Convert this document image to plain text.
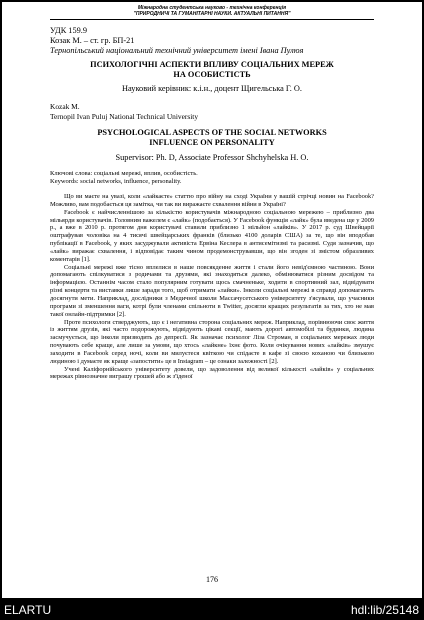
Міжнародна студентська науково - технічна конференція
"ПРИРОДНИЧІ ТА ГУМАНІТАРНІ НАУКИ. АКТУАЛЬНІ ПИТАННЯ"
УДК 159.9
Козак М. – ст. гр. БП-21
Тернопільський національний технічний університет імені Івана Пулюя
ПСИХОЛОГІЧНІ АСПЕКТИ ВПЛИВУ СОЦІАЛЬНИХ МЕРЕЖ
НА ОСОБИСТІСТЬ
Науковий керівник: к.і.н., доцент Щигельська Г. О.
Kozak M.
Ternopil Ivan Puluj National Technical University
PSYCHOLOGICAL ASPECTS OF THE SOCIAL NETWORKS
INFLUENCE ON PERSONALITY
Supervisor: Ph. D, Associate Professor Shchyhelska H. O.
Ключові слова: соціальні мережі, вплив, особистість.
Keywords: social networks, influence, personality.

Що ви маєте на увазі, коли «лайкаєте» статтю про війну на сході України у вашій стрічці новин на Facebook? Можливо, вам подобається ця замітка, чи так ви виражаєте схвалення війни в Україні?

Facebook є найчисленнішою за кількістю користувачів міжнародною соціальною мережею – приблизно два мільярди користувачів. Головним важелем є «лайк» (подобається). У Facebook функція «лайк» була введена ще у 2009 р., а вже в 2010 р. протягом дня користувачі ставили приблизно 1 мільйон «лайків». У 2017 р. суд Швейцарії оштрафував чоловіка на 4 тисячі швейцарських франків (близько 4100 доларів США) за те, що він вподобав публікації в Facebook, у яких засуджували активіста Ервіна Кеслера в антисемітизмі та расизмі. Судя зазначив, що «лайк» виражає схвалення, і відповідає таким чином продемонструвавши, що він згоден зі змістом образливих коментарів [1].

Соціальні мережі вже тісно вплелися в наше повсякденне життя і стали його невід'ємною частиною. Вони допомагають спілкуватися з родичами та друзями, які знаходяться далеко, обмінюватися різним досвідом та інформацією. Останнім часом стало популярним готувати щось смачненьке, ходити в спортивний зал, відвідувати різні концерти та виставки лише заради того, щоб отримати «лайки». Інколи соціальні мережі в справді допомагають досягнути мети. Наприклад, дослідники з Медичної школи Массачусетського університету з'ясували, що учасники програми зі зменшення ваги, котрі були членами спільноти в Twitter, досягли кращих результатів за тих, хто не мав такої онлайн-підтримки [2].

Проте психологи стверджують, що є і негативна сторона соціальних мереж. Наприклад, порівнюючи своє життя із життям друзів, які часто подорожують, відвідують цікаві секції, мають дорогі автомобілі та будинки, людина засмучується, що інколи призводить до депресії. Як зазначає психолог Ліза Строман, в соціальних мережах люди почувають себе краще, але лише за умови, що хтось «лайкне» їхнє фото. Коли очікування нових «лайків» змушує заходити в Facebook серед ночі, коли ви милуєтеся квіткою чи спідаєте в кафе зі своєю коханою чи близькою людиною і думаєте як краще «запостити» це в Instagram – це ознаки залежності [2].

Учені Каліфорнійського університету довели, що задоволення від великої кількості «лайків» у соціальних мережах рівнозначне виграшу грошей або ж з'їденої

176
ELARTU	hdl:lib/25148
